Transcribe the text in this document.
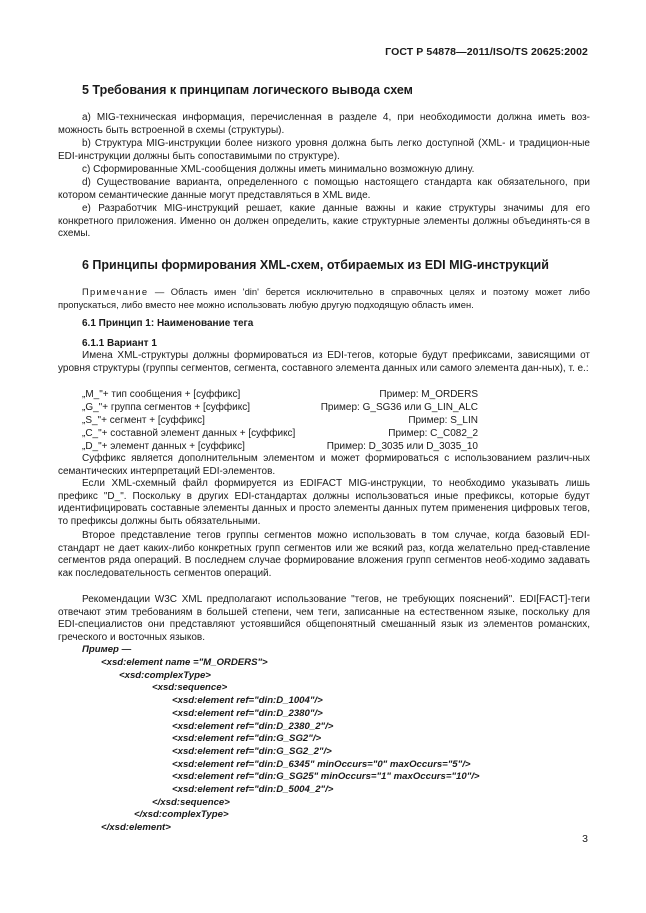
ГОСТ Р 54878—2011/ISO/TS 20625:2002
5 Требования к принципам логического вывода схем
а) MIG-техническая информация, перечисленная в разделе 4, при необходимости должна иметь воз-можность быть встроенной в схемы (структуры).
b) Структура MIG-инструкции более низкого уровня должна быть легко доступной (XML- и традицион-ные EDI-инструкции должны быть сопоставимыми по структуре).
c) Сформированные XML-сообщения должны иметь минимально возможную длину.
d) Существование варианта, определенного с помощью настоящего стандарта как обязательного, при котором семантические данные могут представляться в XML виде.
e) Разработчик MIG-инструкций решает, какие данные важны и какие структуры значимы для его конкретного приложения. Именно он должен определить, какие структурные элементы должны объединять-ся в схемы.
6 Принципы формирования XML-схем, отбираемых из EDI MIG-инструкций
Примечание — Область имен 'din' берется исключительно в справочных целях и поэтому может либо пропускаться, либо вместо нее можно использовать любую другую подходящую область имен.
6.1 Принцип 1: Наименование тега
6.1.1 Вариант 1
Имена XML-структуры должны формироваться из EDI-тегов, которые будут префиксами, зависящими от уровня структуры (группы сегментов, сегмента, составного элемента данных или самого элемента дан-ных), т. е.:
„M_"+ тип сообщения + [суффикс]	Пример: M_ORDERS
„G_"+ группа сегментов + [суффикс]	Пример: G_SG36 или G_LIN_ALC
„S_"+ сегмент + [суффикс]	Пример: S_LIN
„C_"+ составной элемент данных + [суффикс]	Пример: C_C082_2
„D_"+ элемент данных + [суффикс]	Пример: D_3035 или D_3035_10
Суффикс является дополнительным элементом и может формироваться с использованием различ-ных семантических интерпретаций EDI-элементов.
Если XML-схемный файл формируется из EDIFACT MIG-инструкции, то необходимо указывать лишь префикс "D_". Поскольку в других EDI-стандартах должны использоваться иные префиксы, которые будут идентифицировать составные элементы данных и просто элементы данных путем применения цифровых тегов, то префиксы должны быть обязательными.
Второе представление тегов группы сегментов можно использовать в том случае, когда базовый EDI-стандарт не дает каких-либо конкретных групп сегментов или же всякий раз, когда желательно пред-ставление сегментов ряда операций. В последнем случае формирование вложения групп сегментов необ-ходимо задавать как последовательность сегментов операций.
Рекомендации W3C XML предполагают использование "тегов, не требующих пояснений". EDI[FACT]-теги отвечают этим требованиям в большей степени, чем теги, записанные на естественном языке, поскольку для EDI-специалистов они представляют устоявшийся общепонятный смешанный язык из элементов романских, греческого и восточных языков.
Пример —
<xsd:element name ="M_ORDERS">
<xsd:complexType>
<xsd:sequence>
<xsd:element ref="din:D_1004"/>
<xsd:element ref="din:D_2380"/>
<xsd:element ref="din:D_2380_2"/>
<xsd:element ref="din:G_SG2"/>
<xsd:element ref="din:G_SG2_2"/>
<xsd:element ref="din:D_6345" minOccurs="0" maxOccurs="5"/>
<xsd:element ref="din:G_SG25" minOccurs="1" maxOccurs="10"/>
<xsd:element ref="din:D_5004_2"/>
</xsd:sequence>
</xsd:complexType>
</xsd:element>
3
